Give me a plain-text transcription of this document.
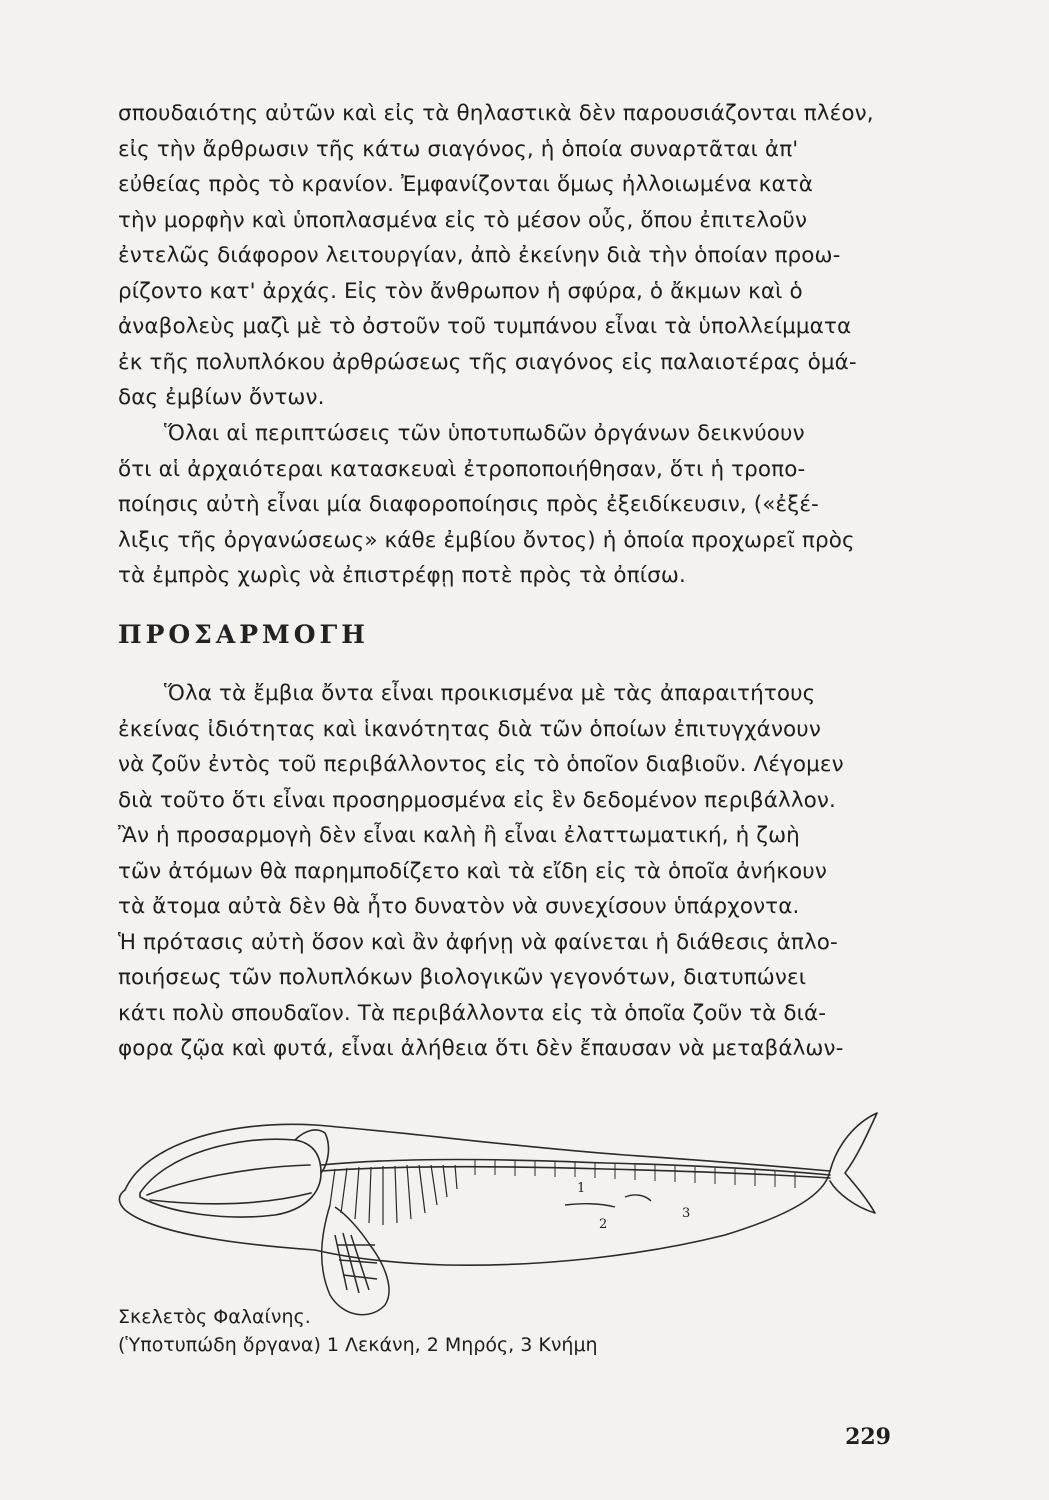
σπουδαιότης αὐτῶν καὶ εἰς τὰ θηλαστικὰ δὲν παρουσιάζονται πλέον,
εἰς τὴν ἄρθρωσιν τῆς κάτω σιαγόνος, ἡ ὁποία συναρτᾶται ἀπ'
εὐθείας πρὸς τὸ κρανίον. Ἐμφανίζονται ὅμως ἠλλοιωμένα κατὰ
τὴν μορφὴν καὶ ὑποπλασμένα εἰς τὸ μέσον οὖς, ὅπου ἐπιτελοῦν
ἐντελῶς διάφορον λειτουργίαν, ἀπὸ ἐκείνην διὰ τὴν ὁποίαν προω-
ρίζοντο κατ' ἀρχάς. Εἰς τὸν ἄνθρωπον ἡ σφύρα, ὁ ἄκμων καὶ ὁ
ἀναβολεὺς μαζὶ μὲ τὸ ὀστοῦν τοῦ τυμπάνου εἶναι τὰ ὑπολλείμματα
ἐκ τῆς πολυπλόκου ἀρθρώσεως τῆς σιαγόνος εἰς παλαιοτέρας ὁμά-
δας ἐμβίων ὄντων.
Ὅλαι αἱ περιπτώσεις τῶν ὑποτυπωδῶν ὀργάνων δεικνύουν
ὅτι αἱ ἀρχαιότεραι κατασκευαὶ ἐτροποποιήθησαν, ὅτι ἡ τροπο-
ποίησις αὐτὴ εἶναι μία διαφοροποίησις πρὸς ἐξειδίκευσιν, («ἐξέ-
λιξις τῆς ὀργανώσεως» κάθε ἐμβίου ὄντος) ἡ ὁποία προχωρεῖ πρὸς
τὰ ἐμπρὸς χωρὶς νὰ ἐπιστρέφῃ ποτὲ πρὸς τὰ ὀπίσω.
ΠΡΟΣΑΡΜΟΓΗ
Ὅλα τὰ ἔμβια ὄντα εἶναι προικισμένα μὲ τὰς ἀπαραιτήτους
ἐκείνας ἰδιότητας καὶ ἱκανότητας διὰ τῶν ὁποίων ἐπιτυγχάνουν
νὰ ζοῦν ἐντὸς τοῦ περιβάλλοντος εἰς τὸ ὁποῖον διαβιοῦν. Λέγομεν
διὰ τοῦτο ὅτι εἶναι προσηρμοσμένα εἰς ἓν δεδομένον περιβάλλον.
Ἂν ἡ προσαρμογὴ δὲν εἶναι καλὴ ἢ εἶναι ἐλαττωματική, ἡ ζωὴ
τῶν ἀτόμων θὰ παρημποδίζετο καὶ τὰ εἴδη εἰς τὰ ὁποῖα ἀνήκουν
τὰ ἄτομα αὐτὰ δὲν θὰ ἦτο δυνατὸν νὰ συνεχίσουν ὑπάρχοντα.
Ἡ πρότασις αὐτὴ ὅσον καὶ ἂν ἀφήνῃ νὰ φαίνεται ἡ διάθεσις ἁπλο-
ποιήσεως τῶν πολυπλόκων βιολογικῶν γεγονότων, διατυπώνει
κάτι πολὺ σπουδαῖον. Τὰ περιβάλλοντα εἰς τὰ ὁποῖα ζοῦν τὰ διά-
φορα ζῷα καὶ φυτά, εἶναι ἀλήθεια ὅτι δὲν ἔπαυσαν νὰ μεταβάλων-
1
2
3
Σκελετὸς Φαλαίνης.
(Ὑποτυπώδη ὄργανα) 1 Λεκάνη, 2 Μηρός, 3 Κνήμη
229
